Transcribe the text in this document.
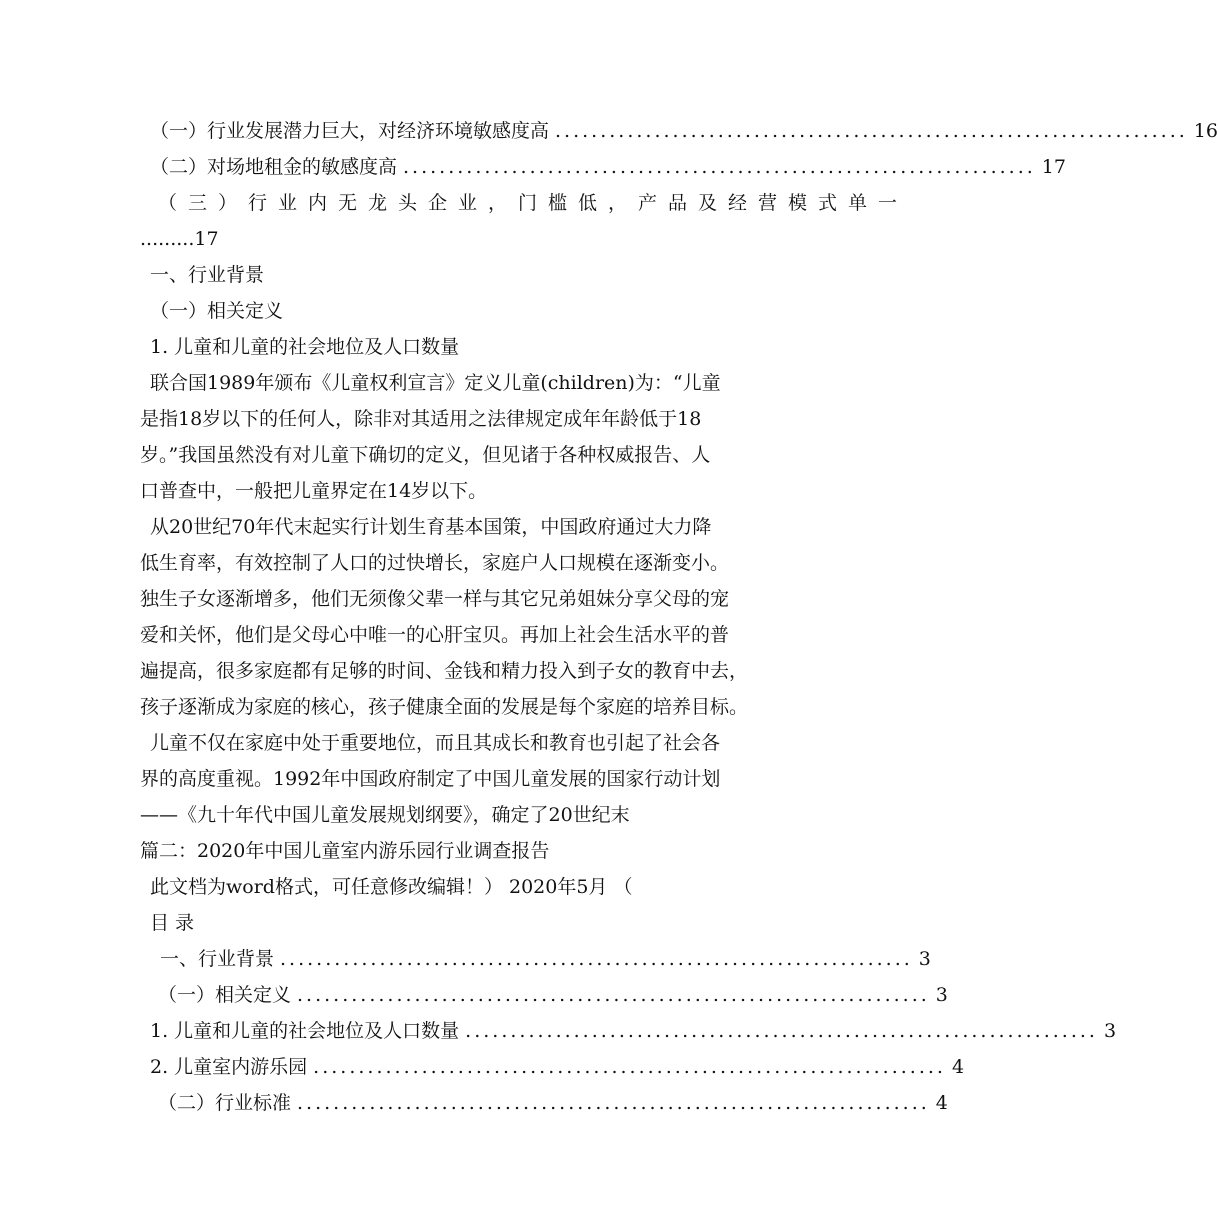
（一）行业发展潜力巨大，对经济环境敏感度高 ...................................................................... 16
（二）对场地租金的敏感度高 ...................................................................... 17
（三）行业内无龙头企业，门槛低，产品及经营模式单一
.........17
一、行业背景
（一）相关定义
1. 儿童和儿童的社会地位及人口数量
联合国1989年颁布《儿童权利宣言》定义儿童(children)为：“儿童
是指18岁以下的任何人，除非对其适用之法律规定成年年龄低于18
岁。”我国虽然没有对儿童下确切的定义，但见诸于各种权威报告、人
口普查中，一般把儿童界定在14岁以下。
从20世纪70年代末起实行计划生育基本国策，中国政府通过大力降
低生育率，有效控制了人口的过快增长，家庭户人口规模在逐渐变小。
独生子女逐渐增多，他们无须像父辈一样与其它兄弟姐妹分享父母的宠
爱和关怀，他们是父母心中唯一的心肝宝贝。再加上社会生活水平的普
遍提高，很多家庭都有足够的时间、金钱和精力投入到子女的教育中去，
孩子逐渐成为家庭的核心，孩子健康全面的发展是每个家庭的培养目标。
儿童不仅在家庭中处于重要地位，而且其成长和教育也引起了社会各
界的高度重视。1992年中国政府制定了中国儿童发展的国家行动计划
——《九十年代中国儿童发展规划纲要》，确定了20世纪末
篇二：2020年中国儿童室内游乐园行业调查报告
此文档为word格式，可任意修改编辑！） 2020年5月 （
目 录
一、行业背景 ...................................................................... 3
（一）相关定义 ...................................................................... 3
1. 儿童和儿童的社会地位及人口数量 ...................................................................... 3
2. 儿童室内游乐园 ...................................................................... 4
（二）行业标准 ...................................................................... 4
